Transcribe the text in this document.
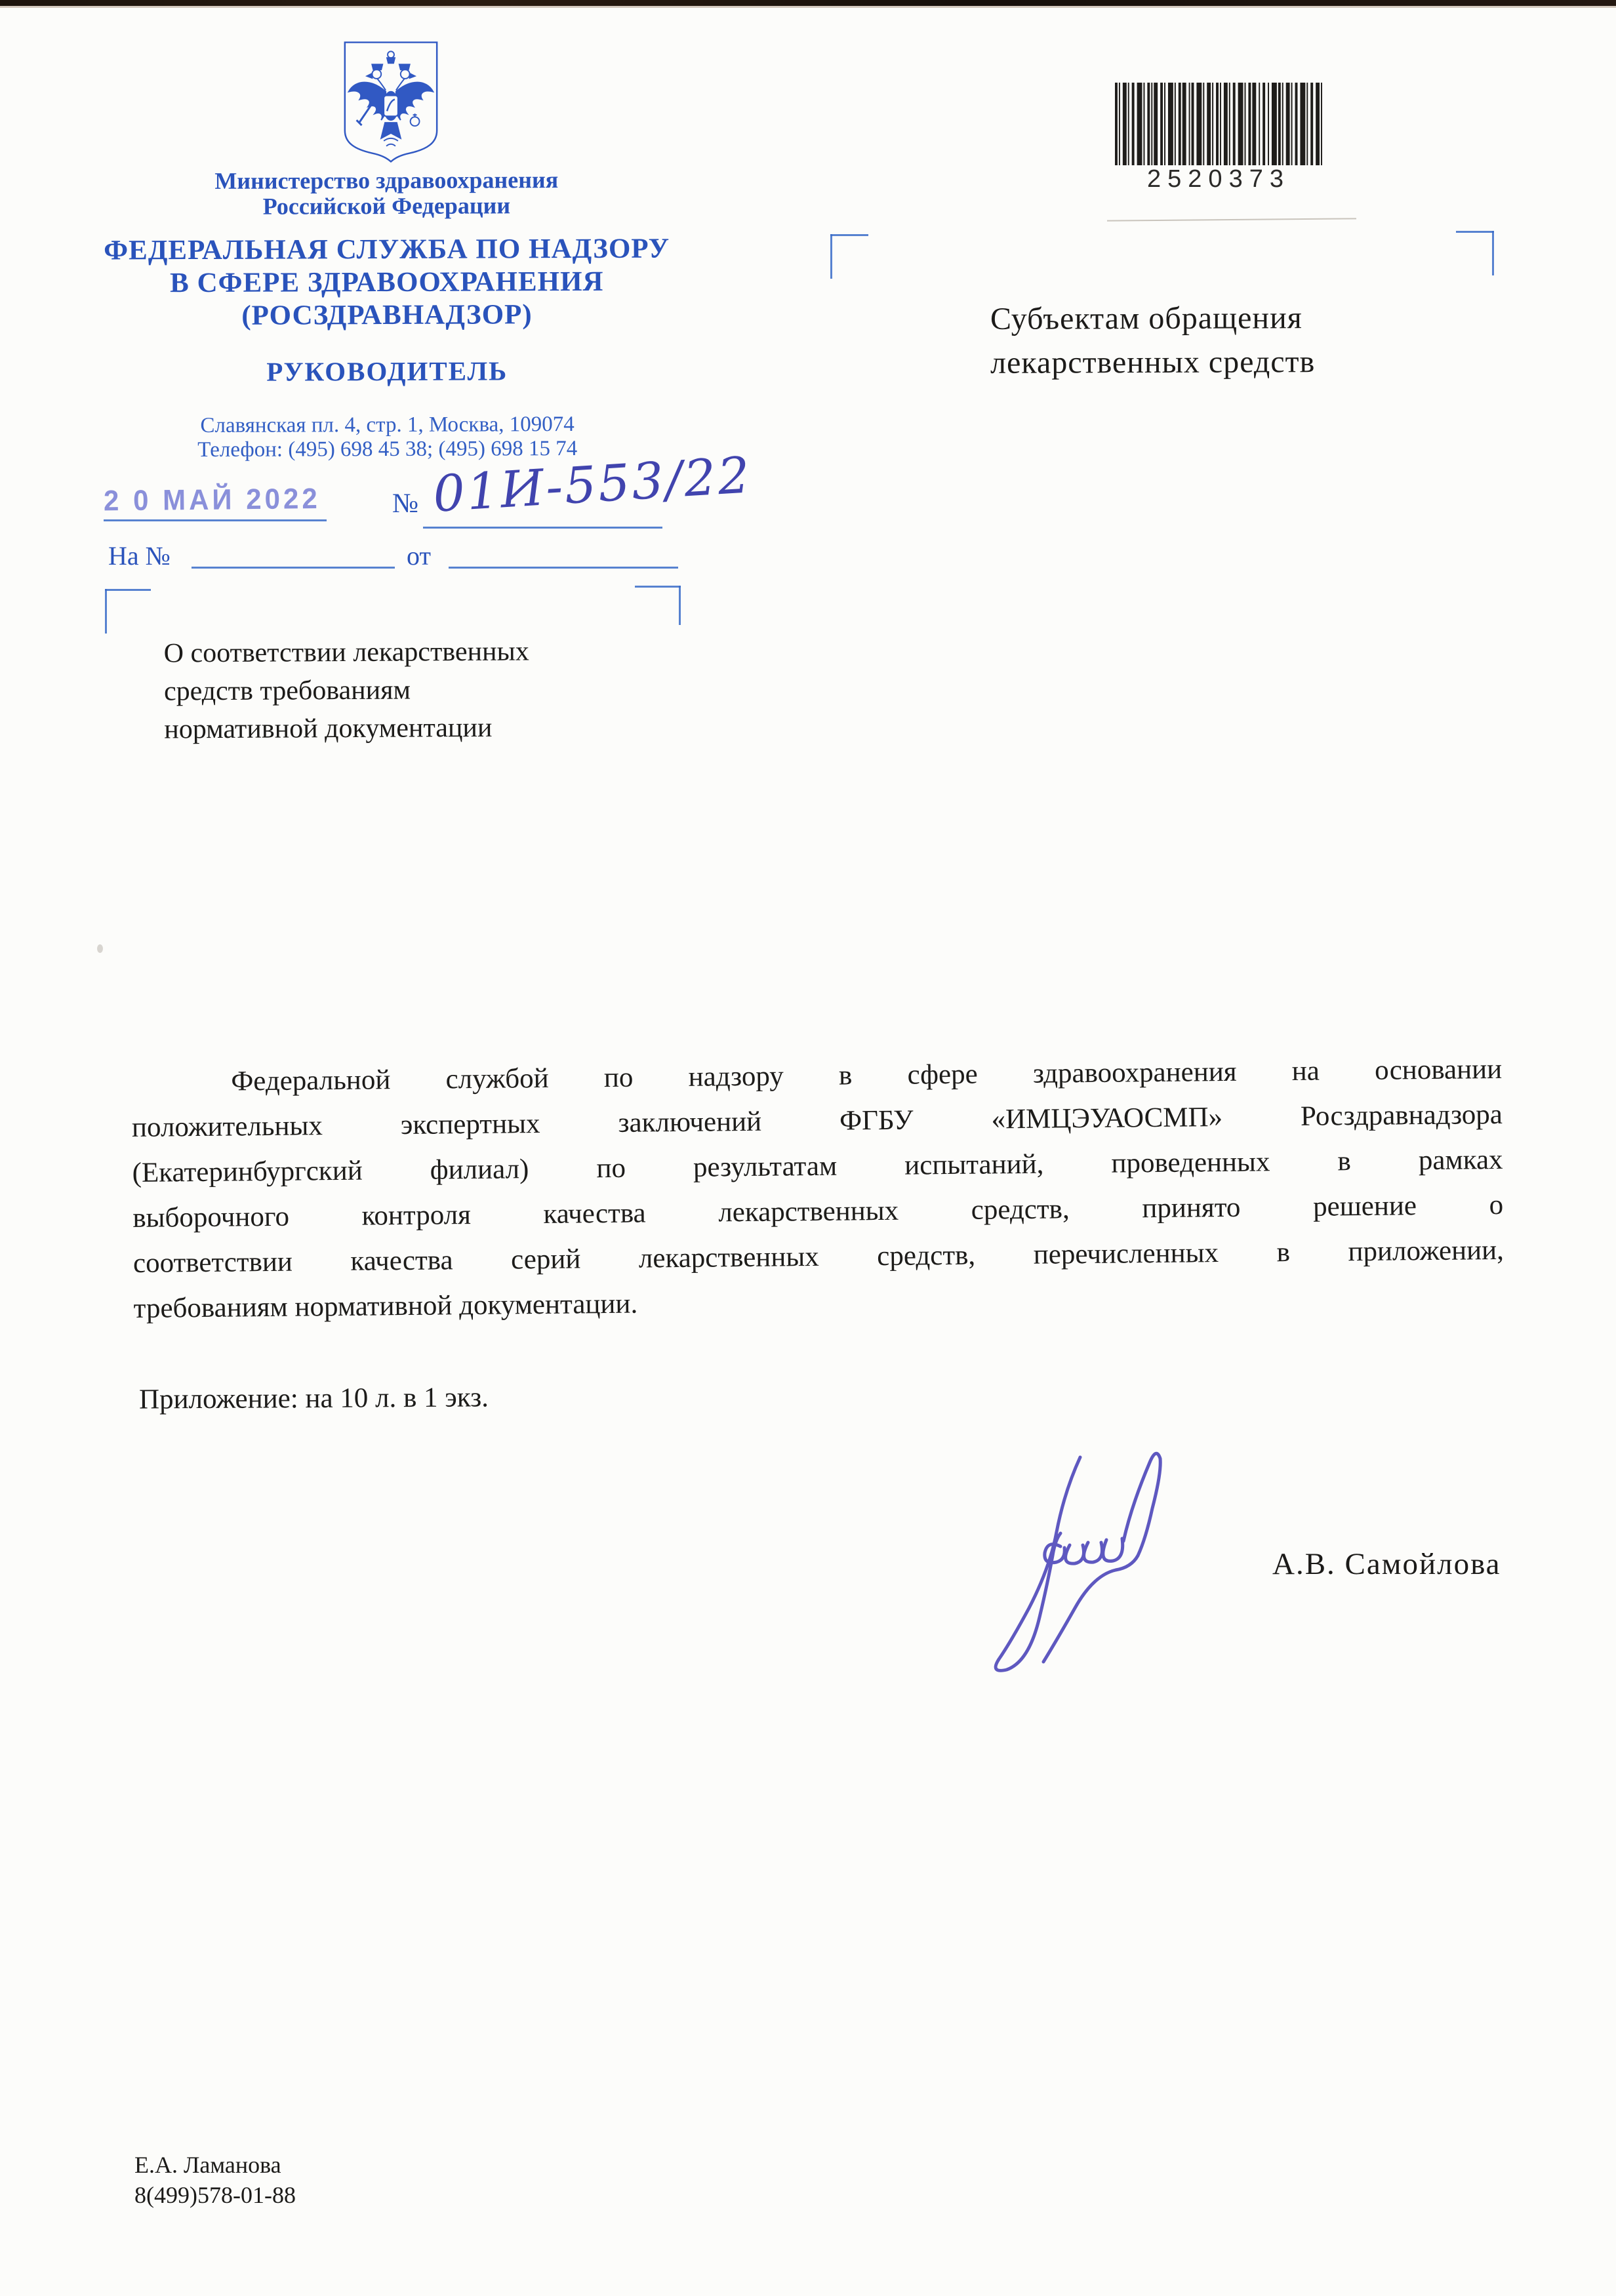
Министерство здравоохранения
Российской Федерации
ФЕДЕРАЛЬНАЯ СЛУЖБА ПО НАДЗОРУ
В СФЕРЕ ЗДРАВООХРАНЕНИЯ
(РОСЗДРАВНАДЗОР)
РУКОВОДИТЕЛЬ
Славянская пл. 4, стр. 1, Москва, 109074
Телефон: (495) 698 45 38; (495) 698 15 74
2 0 МАЙ 2022	№ 01И-553/22
На №	от
2520373
Субъектам обращения
лекарственных средств
О соответствии лекарственных
средств требованиям
нормативной документации
Федеральной службой по надзору в сфере здравоохранения на основании
положительных	экспертных	заключений	ФГБУ	«ИМЦЭУАОСМП»	Росздравнадзора
(Екатеринбургский филиал) по результатам испытаний, проведенных в рамках
выборочного	контроля	качества	лекарственных	средств,	принято	решение	о
соответствии качества серий лекарственных средств, перечисленных в приложении,
требованиям нормативной документации.
Приложение: на 10 л. в 1 экз.
А.В. Самойлова
Е.А. Ламанова
8(499)578-01-88
